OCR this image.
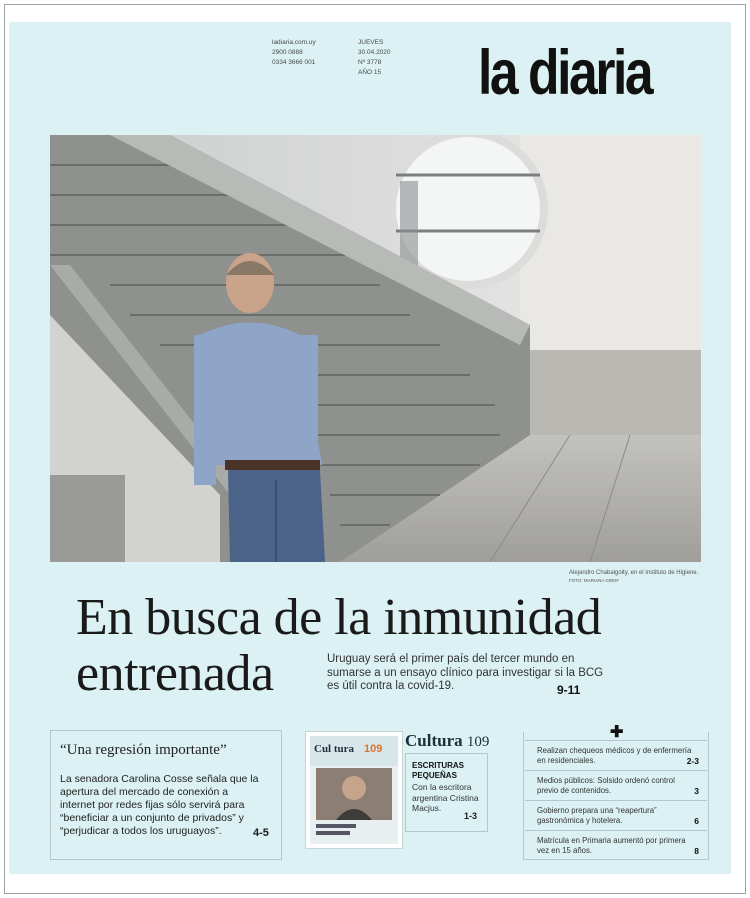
ladiaria.com.uy
2900 0888
0334 3666 001
JUEVES
30.04.2020
Nº 3778
AÑO 15 la diaria
Alejandro Chabalgoity, en el Instituto de Higiene. FOTO: MARIANA GREIF
En busca de la inmunidad
entrenada	Uruguay será el primer país del tercer mundo en sumarse a un ensayo clínico para investigar si la BCG es útil contra la covid-19.	9-11
“Una regresión importante”
La senadora Carolina Cosse señala que la apertura del mercado de conexión a internet por redes fijas sólo servirá para “beneficiar a un conjunto de privados” y “perjudicar a todos los uruguayos”.	4-5
Cul tura 109 Cultura 109
ESCRITURAS PEQUEÑAS
Con la escritora argentina Cristina Macjus.
1-3
✚
Realizan chequeos médicos y de enfermería en residenciales.	2-3
Medios públicos: Solsido ordenó control previo de contenidos.	3
Gobierno prepara una “reapertura” gastronómica y hotelera.	6
Matrícula en Primaria aumentó por primera vez en 15 años.	8
